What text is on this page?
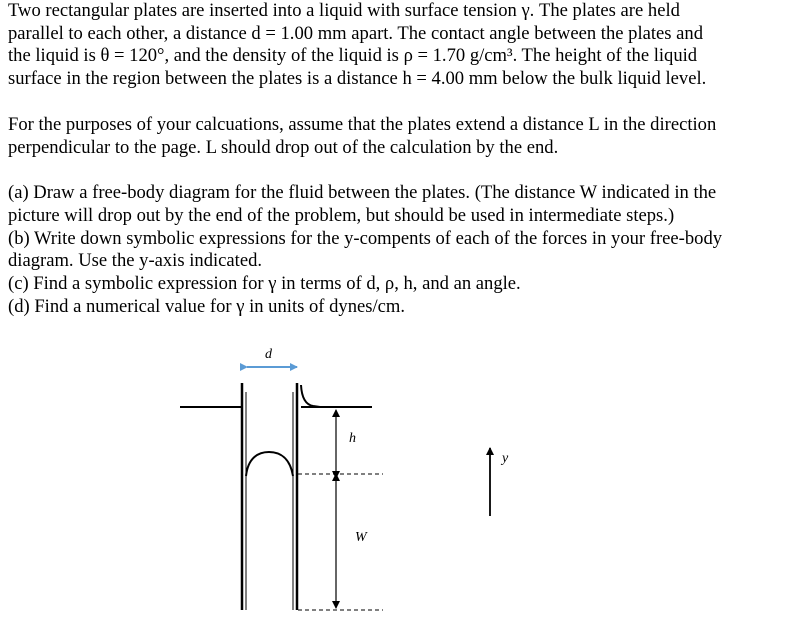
Two rectangular plates are inserted into a liquid with surface tension γ. The plates are held
parallel to each other, a distance d = 1.00 mm apart. The contact angle between the plates and
the liquid is θ = 120°, and the density of the liquid is ρ = 1.70 g/cm³. The height of the liquid
surface in the region between the plates is a distance h = 4.00 mm below the bulk liquid level.
For the purposes of your calcuations, assume that the plates extend a distance L in the direction
perpendicular to the page. L should drop out of the calculation by the end.
(a) Draw a free-body diagram for the fluid between the plates. (The distance W indicated in the
picture will drop out by the end of the problem, but should be used in intermediate steps.)
(b) Write down symbolic expressions for the y-compents of each of the forces in your free-body
diagram. Use the y-axis indicated.
(c) Find a symbolic expression for γ in terms of d, ρ, h, and an angle.
(d) Find a numerical value for γ in units of dynes/cm.
d
h
W
y
